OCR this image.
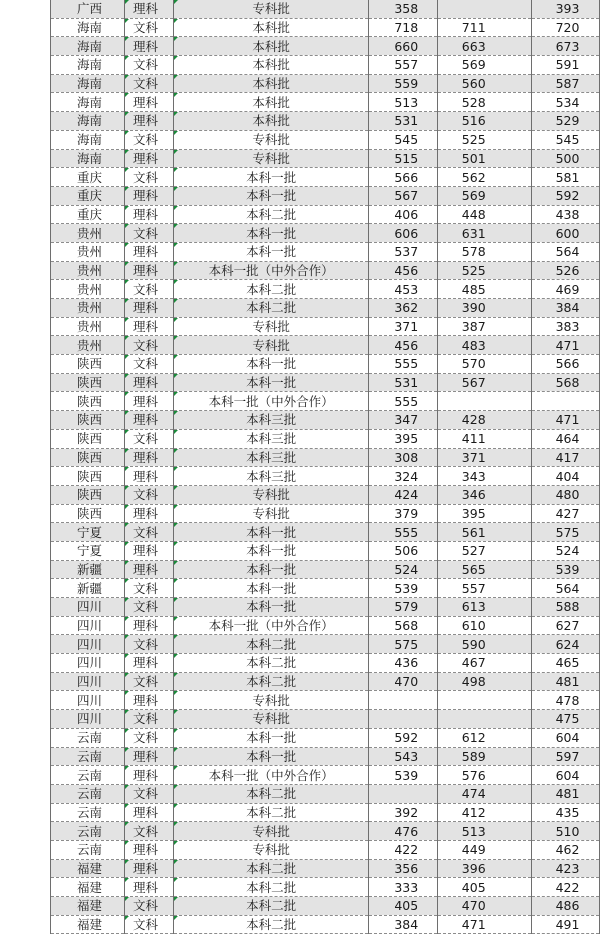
广西	理科	专科批	358		393
海南	文科	本科批	718	711	720
海南	理科	本科批	660	663	673
海南	文科	本科批	557	569	591
海南	文科	本科批	559	560	587
海南	理科	本科批	513	528	534
海南	理科	本科批	531	516	529
海南	文科	专科批	545	525	545
海南	理科	专科批	515	501	500
重庆	文科	本科一批	566	562	581
重庆	理科	本科一批	567	569	592
重庆	理科	本科二批	406	448	438
贵州	文科	本科一批	606	631	600
贵州	理科	本科一批	537	578	564
贵州	理科	本科一批（中外合作）	456	525	526
贵州	文科	本科二批	453	485	469
贵州	理科	本科二批	362	390	384
贵州	理科	专科批	371	387	383
贵州	文科	专科批	456	483	471
陕西	文科	本科一批	555	570	566
陕西	理科	本科一批	531	567	568
陕西	理科	本科一批（中外合作）	555		
陕西	理科	本科三批	347	428	471
陕西	文科	本科三批	395	411	464
陕西	理科	本科三批	308	371	417
陕西	理科	本科三批	324	343	404
陕西	文科	专科批	424	346	480
陕西	理科	专科批	379	395	427
宁夏	文科	本科一批	555	561	575
宁夏	理科	本科一批	506	527	524
新疆	理科	本科一批	524	565	539
新疆	文科	本科一批	539	557	564
四川	文科	本科一批	579	613	588
四川	理科	本科一批（中外合作）	568	610	627
四川	文科	本科二批	575	590	624
四川	理科	本科二批	436	467	465
四川	文科	本科二批	470	498	481
四川	理科	专科批			478
四川	文科	专科批			475
云南	文科	本科一批	592	612	604
云南	理科	本科一批	543	589	597
云南	理科	本科一批（中外合作）	539	576	604
云南	文科	本科二批		474	481
云南	理科	本科二批	392	412	435
云南	文科	专科批	476	513	510
云南	理科	专科批	422	449	462
福建	理科	本科二批	356	396	423
福建	理科	本科二批	333	405	422
福建	文科	本科二批	405	470	486
福建	文科	本科二批	384	471	491
